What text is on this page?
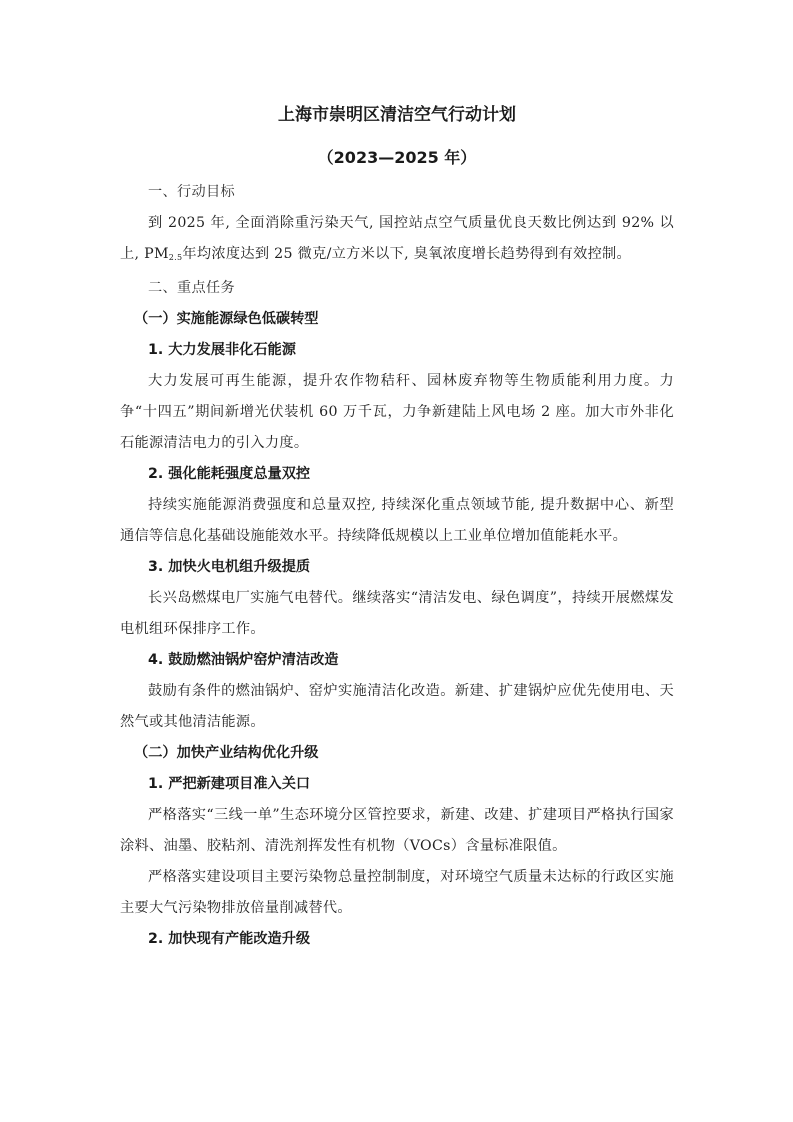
上海市崇明区清洁空气行动计划
（2023—2025 年）
一、行动目标
到 2025 年, 全面消除重污染天气, 国控站点空气质量优良天数比例达到 92% 以上, $PM_{2.5}$年均浓度达到 25 微克/立方米以下, 臭氧浓度增长趋势得到有效控制。
二、重点任务
（一）实施能源绿色低碳转型
1. 大力发展非化石能源
大力发展可再生能源，提升农作物秸秆、园林废弃物等生物质能利用力度。力争“十四五”期间新增光伏装机 60 万千瓦，力争新建陆上风电场 2 座。加大市外非化石能源清洁电力的引入力度。
2. 强化能耗强度总量双控
持续实施能源消费强度和总量双控, 持续深化重点领域节能, 提升数据中心、新型通信等信息化基础设施能效水平。持续降低规模以上工业单位增加值能耗水平。
3. 加快火电机组升级提质
长兴岛燃煤电厂实施气电替代。继续落实“清洁发电、绿色调度”，持续开展燃煤发电机组环保排序工作。
4. 鼓励燃油锅炉窑炉清洁改造
鼓励有条件的燃油锅炉、窑炉实施清洁化改造。新建、扩建锅炉应优先使用电、天然气或其他清洁能源。
（二）加快产业结构优化升级
1. 严把新建项目准入关口
严格落实“三线一单”生态环境分区管控要求，新建、改建、扩建项目严格执行国家涂料、油墨、胶粘剂、清洗剂挥发性有机物（VOCs）含量标准限值。
严格落实建设项目主要污染物总量控制制度，对环境空气质量未达标的行政区实施主要大气污染物排放倍量削减替代。
2. 加快现有产能改造升级
